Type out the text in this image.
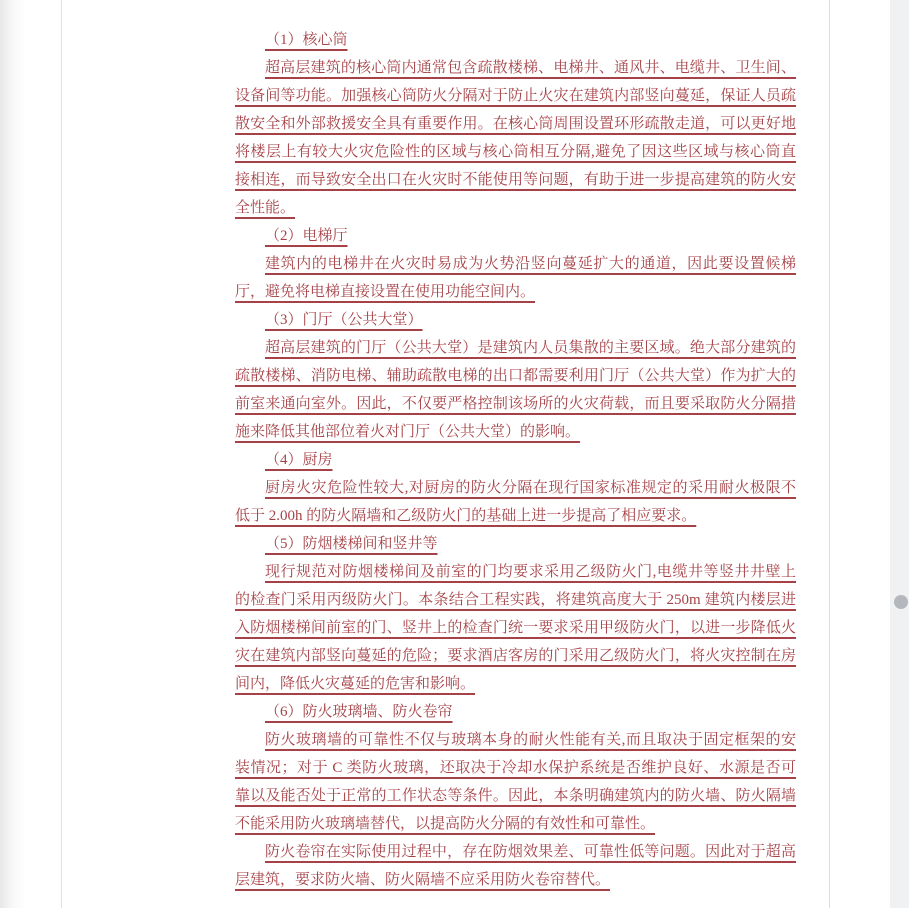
（1）核心筒
超高层建筑的核心筒内通常包含疏散楼梯、电梯井、通风井、电缆井、卫生间、
设备间等功能。加强核心筒防火分隔对于防止火灾在建筑内部竖向蔓延，保证人员疏
散安全和外部救援安全具有重要作用。在核心筒周围设置环形疏散走道，可以更好地
将楼层上有较大火灾危险性的区域与核心筒相互分隔,避免了因这些区域与核心筒直
接相连，而导致安全出口在火灾时不能使用等问题，有助于进一步提高建筑的防火安
全性能。
（2）电梯厅
建筑内的电梯井在火灾时易成为火势沿竖向蔓延扩大的通道，因此要设置候梯
厅，避免将电梯直接设置在使用功能空间内。
（3）门厅（公共大堂）
超高层建筑的门厅（公共大堂）是建筑内人员集散的主要区域。绝大部分建筑的
疏散楼梯、消防电梯、辅助疏散电梯的出口都需要利用门厅（公共大堂）作为扩大的
前室来通向室外。因此，不仅要严格控制该场所的火灾荷载，而且要采取防火分隔措
施来降低其他部位着火对门厅（公共大堂）的影响。
（4）厨房
厨房火灾危险性较大,对厨房的防火分隔在现行国家标准规定的采用耐火极限不
低于 2.00h 的防火隔墙和乙级防火门的基础上进一步提高了相应要求。
（5）防烟楼梯间和竖井等
现行规范对防烟楼梯间及前室的门均要求采用乙级防火门,电缆井等竖井井壁上
的检查门采用丙级防火门。本条结合工程实践，将建筑高度大于 250m 建筑内楼层进
入防烟楼梯间前室的门、竖井上的检查门统一要求采用甲级防火门，以进一步降低火
灾在建筑内部竖向蔓延的危险；要求酒店客房的门采用乙级防火门，将火灾控制在房
间内，降低火灾蔓延的危害和影响。
（6）防火玻璃墙、防火卷帘
防火玻璃墙的可靠性不仅与玻璃本身的耐火性能有关,而且取决于固定框架的安
装情况；对于 C 类防火玻璃，还取决于冷却水保护系统是否维护良好、水源是否可
靠以及能否处于正常的工作状态等条件。因此，本条明确建筑内的防火墙、防火隔墙
不能采用防火玻璃墙替代，以提高防火分隔的有效性和可靠性。
防火卷帘在实际使用过程中，存在防烟效果差、可靠性低等问题。因此对于超高
层建筑，要求防火墙、防火隔墙不应采用防火卷帘替代。
